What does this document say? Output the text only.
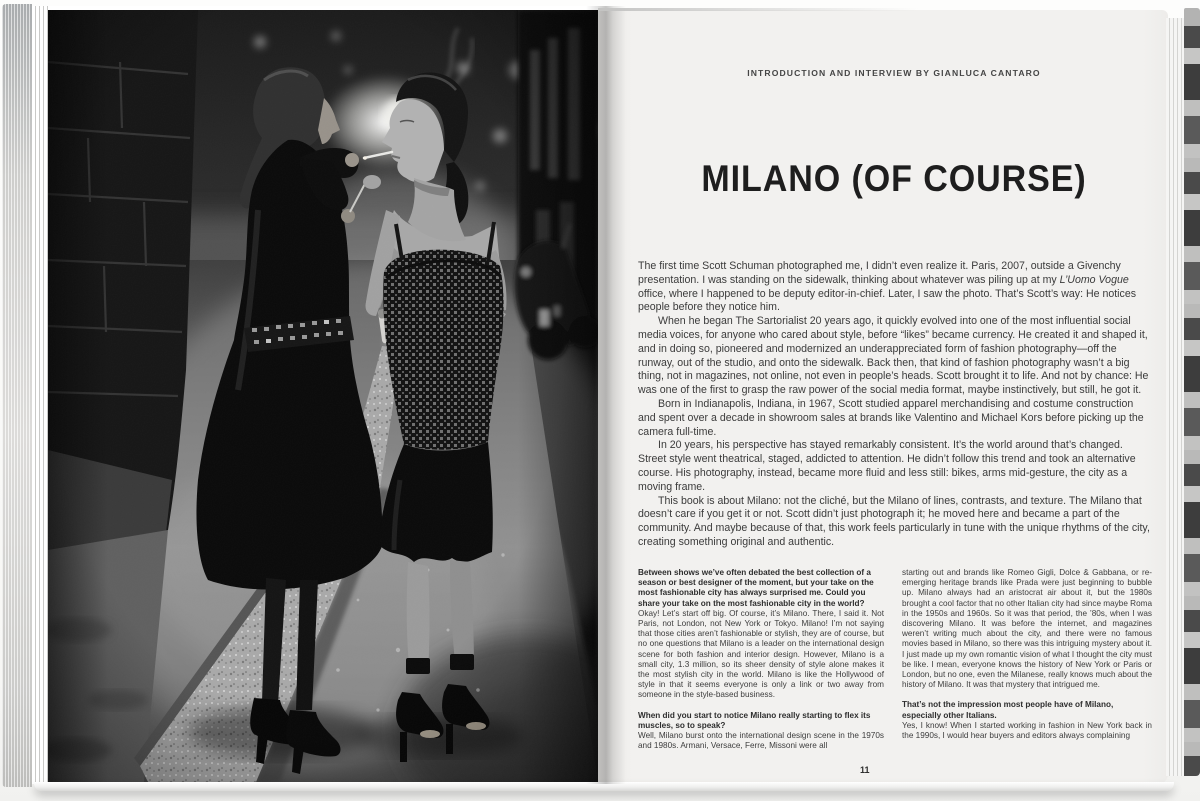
INTRODUCTION AND INTERVIEW BY GIANLUCA CANTARO
MILANO (OF COURSE)

The first time Scott Schuman photographed me, I didn’t even realize it. Paris, 2007, outside a Givenchy presentation. I was standing on the sidewalk, thinking about whatever was piling up at my L’Uomo Vogue office, where I happened to be deputy editor-in-chief. Later, I saw the photo. That’s Scott’s way: He notices people before they notice him.

When he began The Sartorialist 20 years ago, it quickly evolved into one of the most influential social media voices, for anyone who cared about style, before “likes” became currency. He created it and shaped it, and in doing so, pioneered and modernized an underappreciated form of fashion photography—off the runway, out of the studio, and onto the sidewalk. Back then, that kind of fashion photography wasn’t a big thing, not in magazines, not online, not even in people’s heads. Scott brought it to life. And not by chance: He was one of the first to grasp the raw power of the social media format, maybe instinctively, but still, he got it.

Born in Indianapolis, Indiana, in 1967, Scott studied apparel merchandising and costume construction and spent over a decade in showroom sales at brands like Valentino and Michael Kors before picking up the camera full-time.

In 20 years, his perspective has stayed remarkably consistent. It’s the world around that’s changed. Street style went theatrical, staged, addicted to attention. He didn’t follow this trend and took an alternative course. His photography, instead, became more fluid and less still: bikes, arms mid-gesture, the city as a moving frame.

This book is about Milano: not the cliché, but the Milano of lines, contrasts, and texture. The Milano that doesn’t care if you get it or not. Scott didn’t just photograph it; he moved here and became a part of the community. And maybe because of that, this work feels particularly in tune with the unique rhythms of the city, creating something original and authentic.

Between shows we’ve often debated the best collection of a season or best designer of the moment, but your take on the most fashionable city has always surprised me. Could you share your take on the most fashionable city in the world?

Okay! Let’s start off big. Of course, it’s Milano. There, I said it. Not Paris, not London, not New York or Tokyo. Milano! I’m not saying that those cities aren’t fashionable or stylish, they are of course, but no one questions that Milano is a leader on the international design scene for both fashion and interior design. However, Milano is a small city, 1.3 million, so its sheer density of style alone makes it the most stylish city in the world. Milano is like the Hollywood of style in that it seems everyone is only a link or two away from someone in the style-based business.

When did you start to notice Milano really starting to flex its muscles, so to speak?

Well, Milano burst onto the international design scene in the 1970s and 1980s. Armani, Versace, Ferre, Missoni were all

starting out and brands like Romeo Gigli, Dolce & Gabbana, or re-emerging heritage brands like Prada were just beginning to bubble up. Milano always had an aristocrat air about it, but the 1980s brought a cool factor that no other Italian city had since maybe Roma in the 1950s and 1960s. So it was that period, the ’80s, when I was discovering Milano. It was before the internet, and magazines weren’t writing much about the city, and there were no famous movies based in Milano, so there was this intriguing mystery about it. I just made up my own romantic vision of what I thought the city must be like. I mean, everyone knows the history of New York or Paris or London, but no one, even the Milanese, really knows much about the history of Milano. It was that mystery that intrigued me.

That’s not the impression most people have of Milano, especially other Italians.

Yes, I know! When I started working in fashion in New York back in the 1990s, I would hear buyers and editors always complaining

11
